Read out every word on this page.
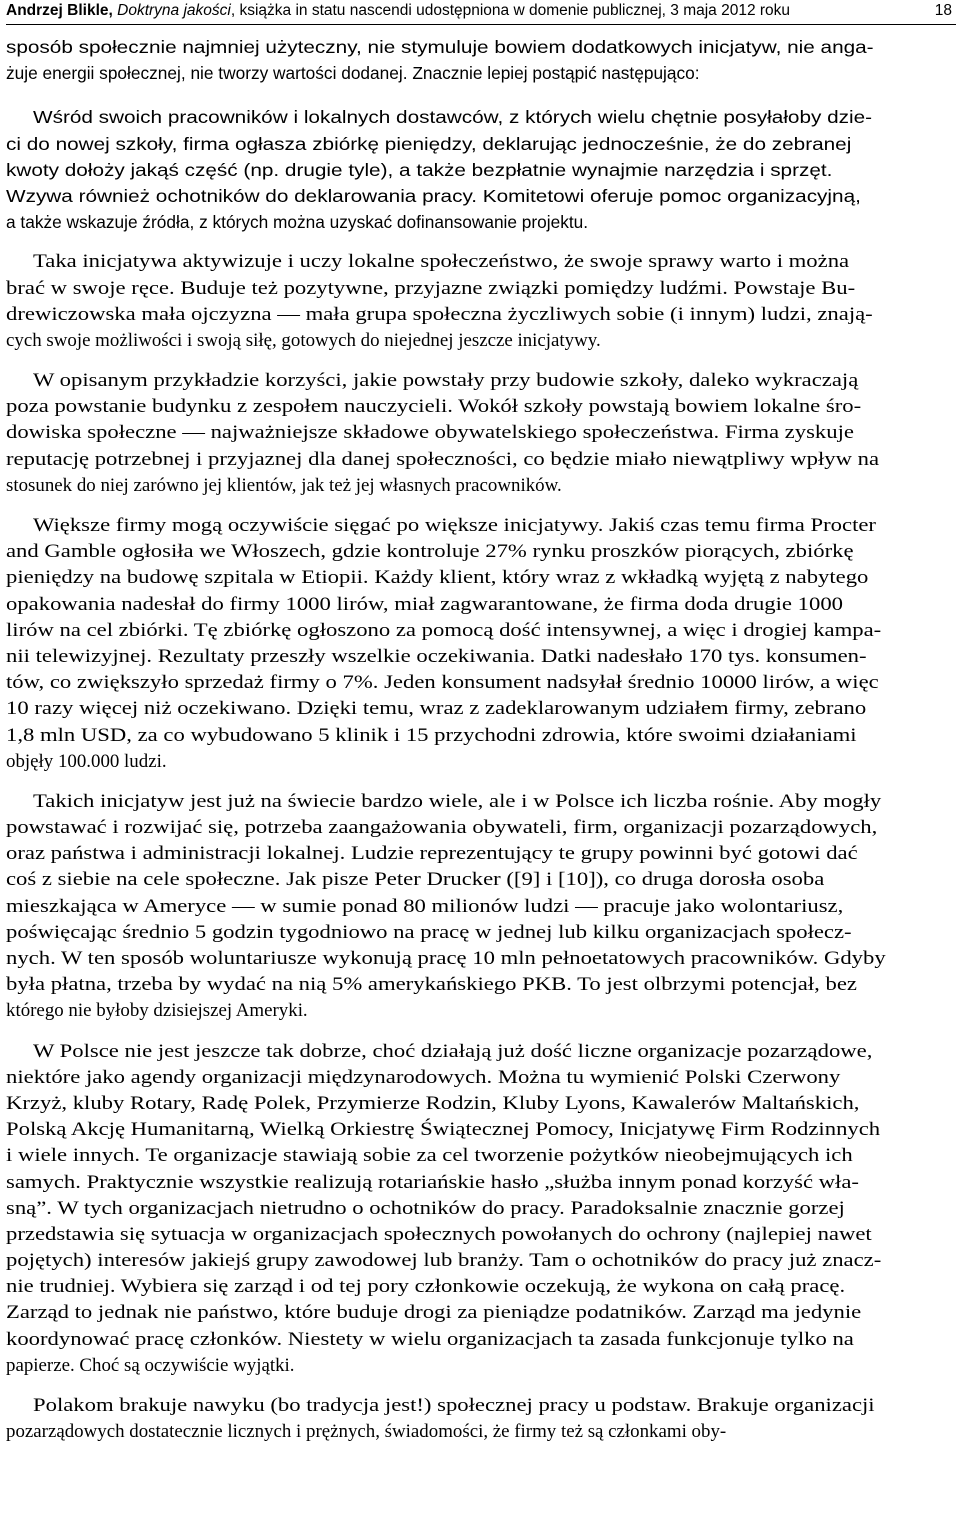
Andrzej Blikle, Doktryna jakości, książka in statu nascendi udostępniona w domenie publicznej, 3 maja 2012 roku	18
sposób społecznie najmniej użyteczny, nie stymuluje bowiem dodatkowych inicjatyw, nie anga-
żuje energii społecznej, nie tworzy wartości dodanej. Znacznie lepiej postąpić następująco:
Wśród swoich pracowników i lokalnych dostawców, z których wielu chętnie posyłałoby dzie-
ci do nowej szkoły, firma ogłasza zbiórkę pieniędzy, deklarując jednocześnie, że do zebranej
kwoty dołoży jakąś część (np. drugie tyle), a także bezpłatnie wynajmie narzędzia i sprzęt.
Wzywa również ochotników do deklarowania pracy. Komitetowi oferuje pomoc organizacyjną,
a także wskazuje źródła, z których można uzyskać dofinansowanie projektu.
Taka inicjatywa aktywizuje i uczy lokalne społeczeństwo, że swoje sprawy warto i można
brać w swoje ręce. Buduje też pozytywne, przyjazne związki pomiędzy ludźmi. Powstaje Bu-
drewiczowska mała ojczyzna — mała grupa społeczna życzliwych sobie (i innym) ludzi, znają-
cych swoje możliwości i swoją siłę, gotowych do niejednej jeszcze inicjatywy.
W opisanym przykładzie korzyści, jakie powstały przy budowie szkoły, daleko wykraczają
poza powstanie budynku z zespołem nauczycieli. Wokół szkoły powstają bowiem lokalne śro-
dowiska społeczne — najważniejsze składowe obywatelskiego społeczeństwa. Firma zyskuje
reputację potrzebnej i przyjaznej dla danej społeczności, co będzie miało niewątpliwy wpływ na
stosunek do niej zarówno jej klientów, jak też jej własnych pracowników.
Większe firmy mogą oczywiście sięgać po większe inicjatywy. Jakiś czas temu firma Procter
and Gamble ogłosiła we Włoszech, gdzie kontroluje 27% rynku proszków piorących, zbiórkę
pieniędzy na budowę szpitala w Etiopii. Każdy klient, który wraz z wkładką wyjętą z nabytego
opakowania nadesłał do firmy 1000 lirów, miał zagwarantowane, że firma doda drugie 1000
lirów na cel zbiórki. Tę zbiórkę ogłoszono za pomocą dość intensywnej, a więc i drogiej kampa-
nii telewizyjnej. Rezultaty przeszły wszelkie oczekiwania. Datki nadesłało 170 tys. konsumen-
tów, co zwiększyło sprzedaż firmy o 7%. Jeden konsument nadsyłał średnio 10000 lirów, a więc
10 razy więcej niż oczekiwano. Dzięki temu, wraz z zadeklarowanym udziałem firmy, zebrano
1,8 mln USD, za co wybudowano 5 klinik i 15 przychodni zdrowia, które swoimi działaniami
objęły 100.000 ludzi.
Takich inicjatyw jest już na świecie bardzo wiele, ale i w Polsce ich liczba rośnie. Aby mogły
powstawać i rozwijać się, potrzeba zaangażowania obywateli, firm, organizacji pozarządowych,
oraz państwa i administracji lokalnej. Ludzie reprezentujący te grupy powinni być gotowi dać
coś z siebie na cele społeczne. Jak pisze Peter Drucker ([9] i [10]), co druga dorosła osoba
mieszkająca w Ameryce — w sumie ponad 80 milionów ludzi — pracuje jako wolontariusz,
poświęcając średnio 5 godzin tygodniowo na pracę w jednej lub kilku organizacjach społecz-
nych. W ten sposób woluntariusze wykonują pracę 10 mln pełnoetatowych pracowników. Gdyby
była płatna, trzeba by wydać na nią 5% amerykańskiego PKB. To jest olbrzymi potencjał, bez
którego nie byłoby dzisiejszej Ameryki.
W Polsce nie jest jeszcze tak dobrze, choć działają już dość liczne organizacje pozarządowe,
niektóre jako agendy organizacji międzynarodowych. Można tu wymienić Polski Czerwony
Krzyż, kluby Rotary, Radę Polek, Przymierze Rodzin, Kluby Lyons, Kawalerów Maltańskich,
Polską Akcję Humanitarną, Wielką Orkiestrę Świątecznej Pomocy, Inicjatywę Firm Rodzinnych
i wiele innych. Te organizacje stawiają sobie za cel tworzenie pożytków nieobejmujących ich
samych. Praktycznie wszystkie realizują rotariańskie hasło „służba innym ponad korzyść wła-
sną”. W tych organizacjach nietrudno o ochotników do pracy. Paradoksalnie znacznie gorzej
przedstawia się sytuacja w organizacjach społecznych powołanych do ochrony (najlepiej nawet
pojętych) interesów jakiejś grupy zawodowej lub branży. Tam o ochotników do pracy już znacz-
nie trudniej. Wybiera się zarząd i od tej pory członkowie oczekują, że wykona on całą pracę.
Zarząd to jednak nie państwo, które buduje drogi za pieniądze podatników. Zarząd ma jedynie
koordynować pracę członków. Niestety w wielu organizacjach ta zasada funkcjonuje tylko na
papierze. Choć są oczywiście wyjątki.
Polakom brakuje nawyku (bo tradycja jest!) społecznej pracy u podstaw. Brakuje organizacji
pozarządowych dostatecznie licznych i prężnych, świadomości, że firmy też są członkami oby-
